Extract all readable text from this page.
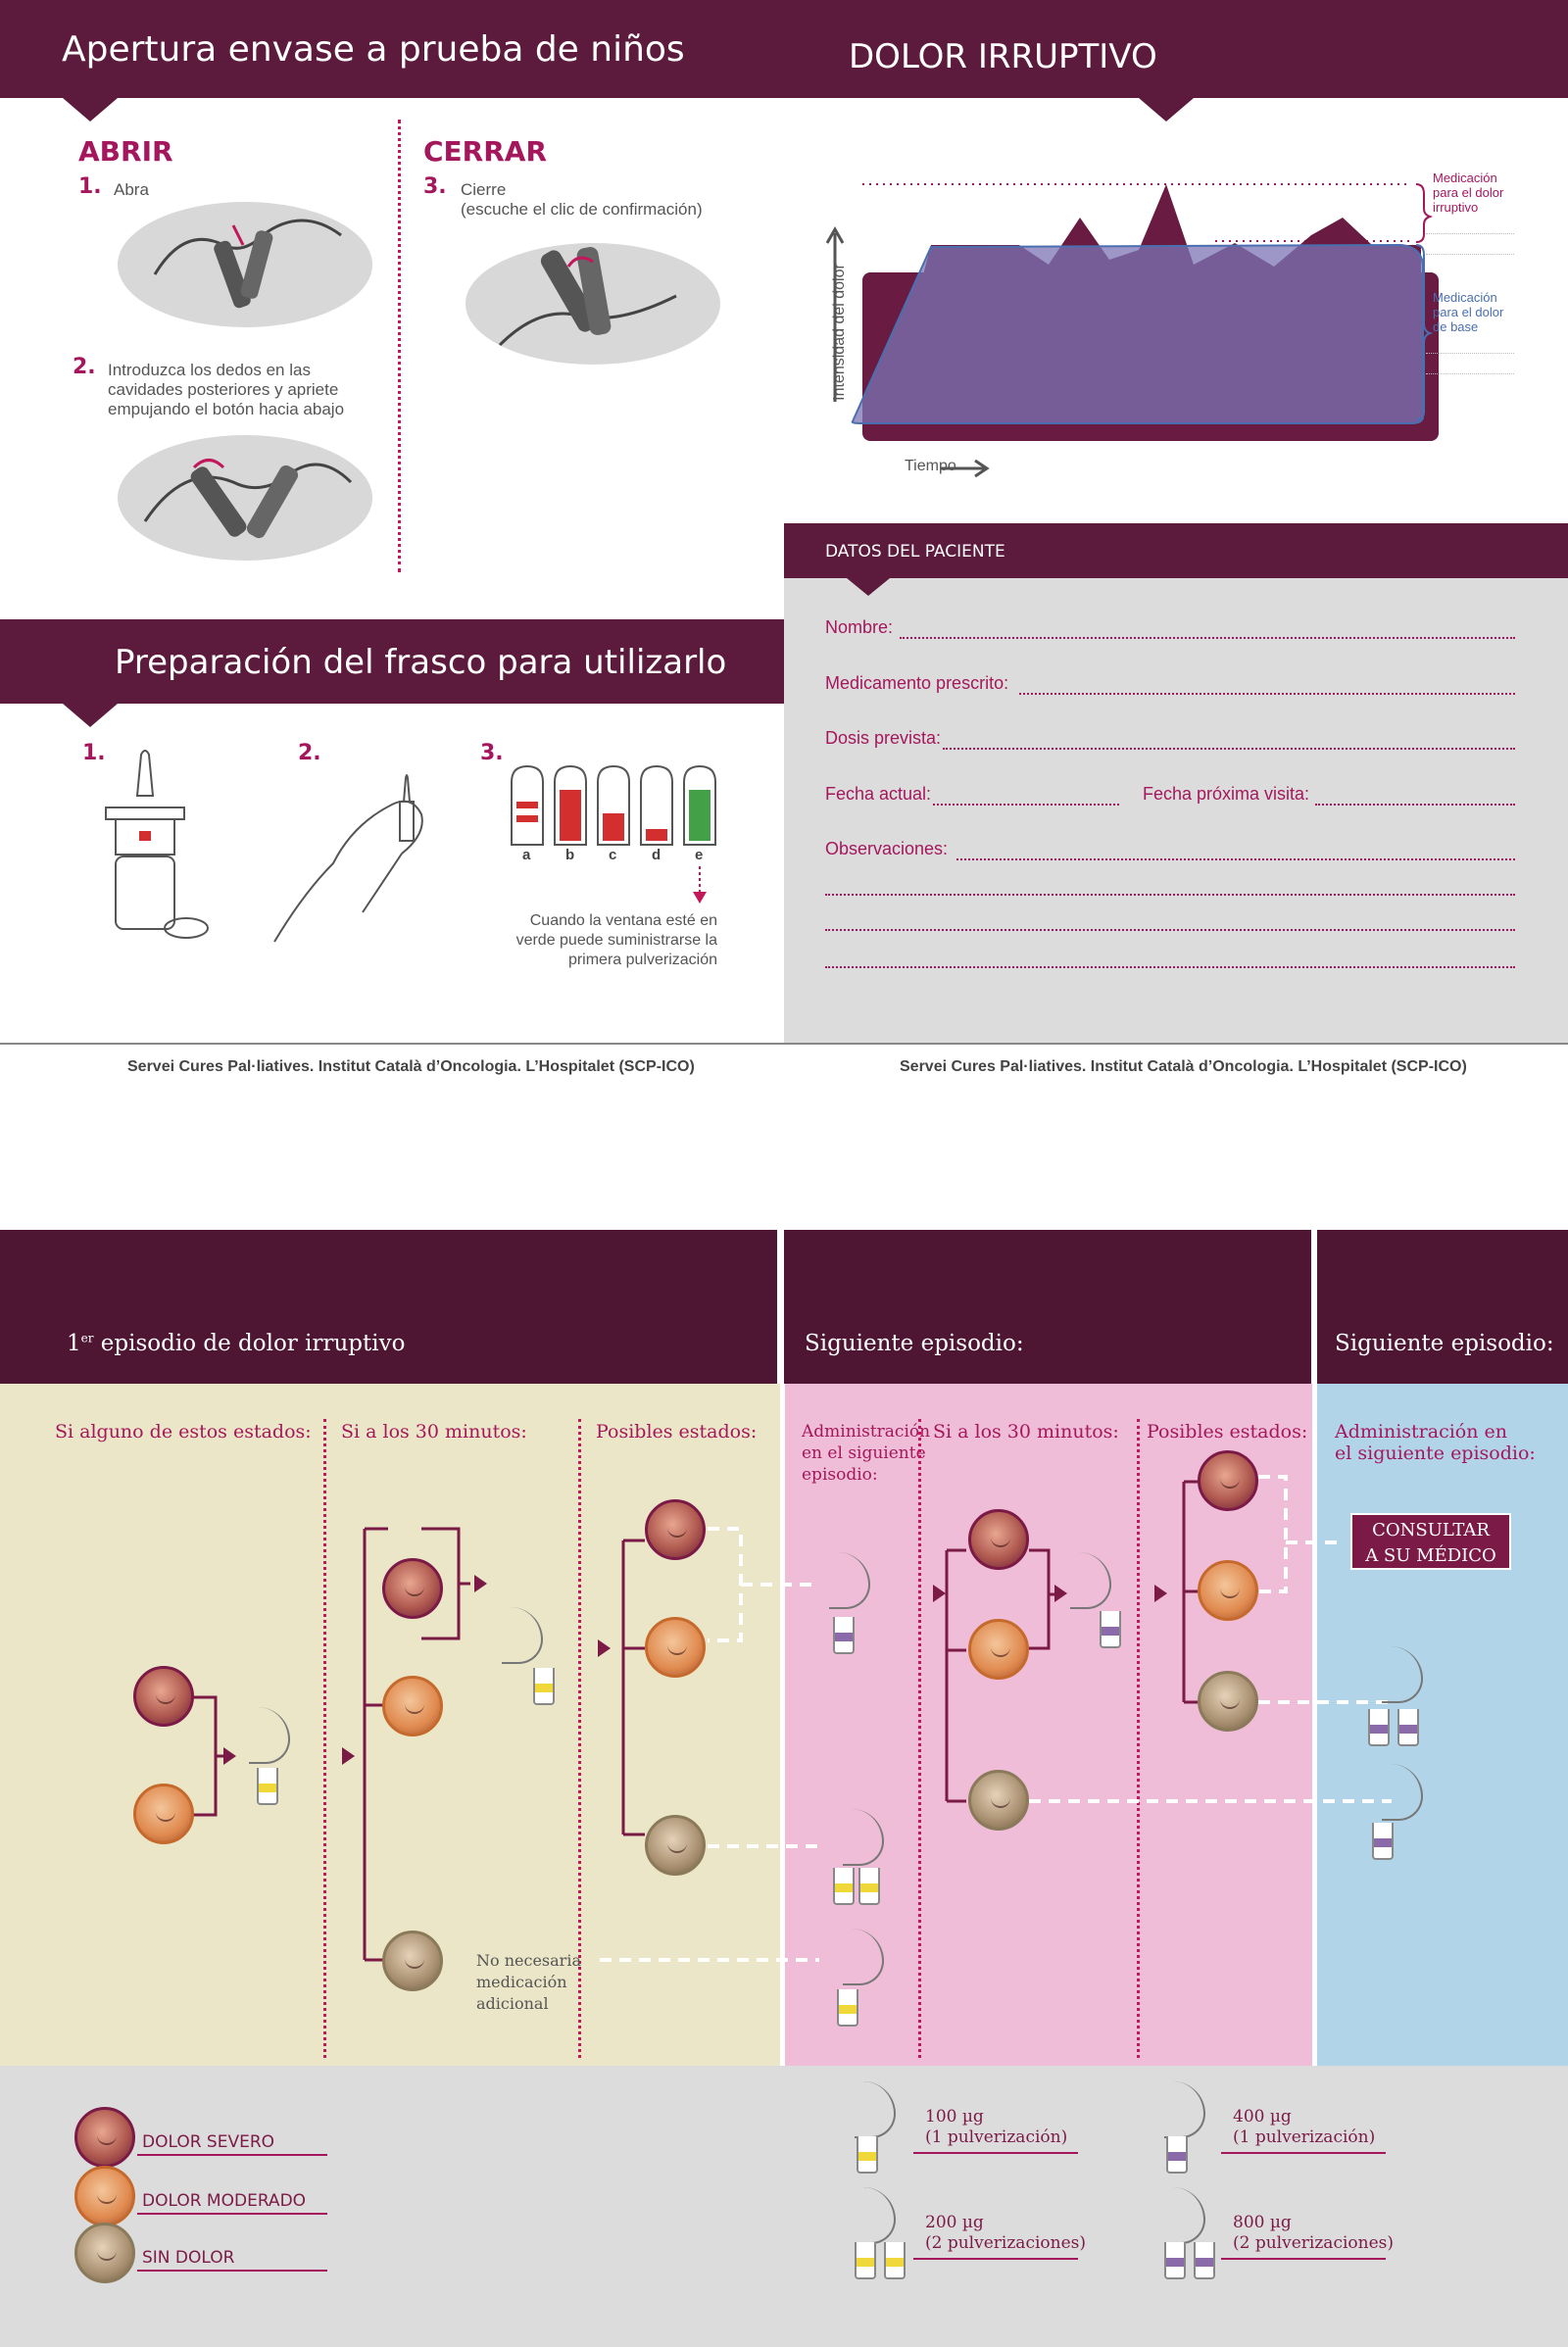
Apertura envase a prueba de niños
ABRIR	CERRAR
1. Abra
2. Introduzca los dedos en las
cavidades posteriores y apriete
empujando el botón hacia abajo
3. Cierre
(escuche el clic de confirmación)
DOLOR IRRUPTIVO
Intensidad del dolor
Tiempo
Medicación
para el dolor
irruptivo
Medicación
para el dolor
de base
Preparación del frasco para utilizarlo
1.	2.	3.
a b c d e
Cuando la ventana esté en
verde puede suministrarse la
primera pulverización
DATOS DEL PACIENTE
Nombre:
Medicamento prescrito:
Dosis prevista:
Fecha actual:	Fecha próxima visita:
Observaciones:
Servei Cures Pal·liatives. Institut Català d’Oncologia. L’Hospitalet (SCP-ICO)	Servei Cures Pal·liatives. Institut Català d’Oncologia. L’Hospitalet (SCP-ICO)
1er episodio de dolor irruptivo	Siguiente episodio:	Siguiente episodio:
Si alguno de estos estados: Si a los 30 minutos:	Posibles estados:	Administración
en el siguiente
episodio:
Si a los 30 minutos: Posibles estados: Administración en
el siguiente episodio:
CONSULTAR
A SU MÉDICO
No necesaria
medicación
adicional
DOLOR SEVERO
DOLOR MODERADO
SIN DOLOR
100 µg
(1 pulverización)
200 µg
(2 pulverizaciones)
400 µg
(1 pulverización)
800 µg
(2 pulverizaciones)
